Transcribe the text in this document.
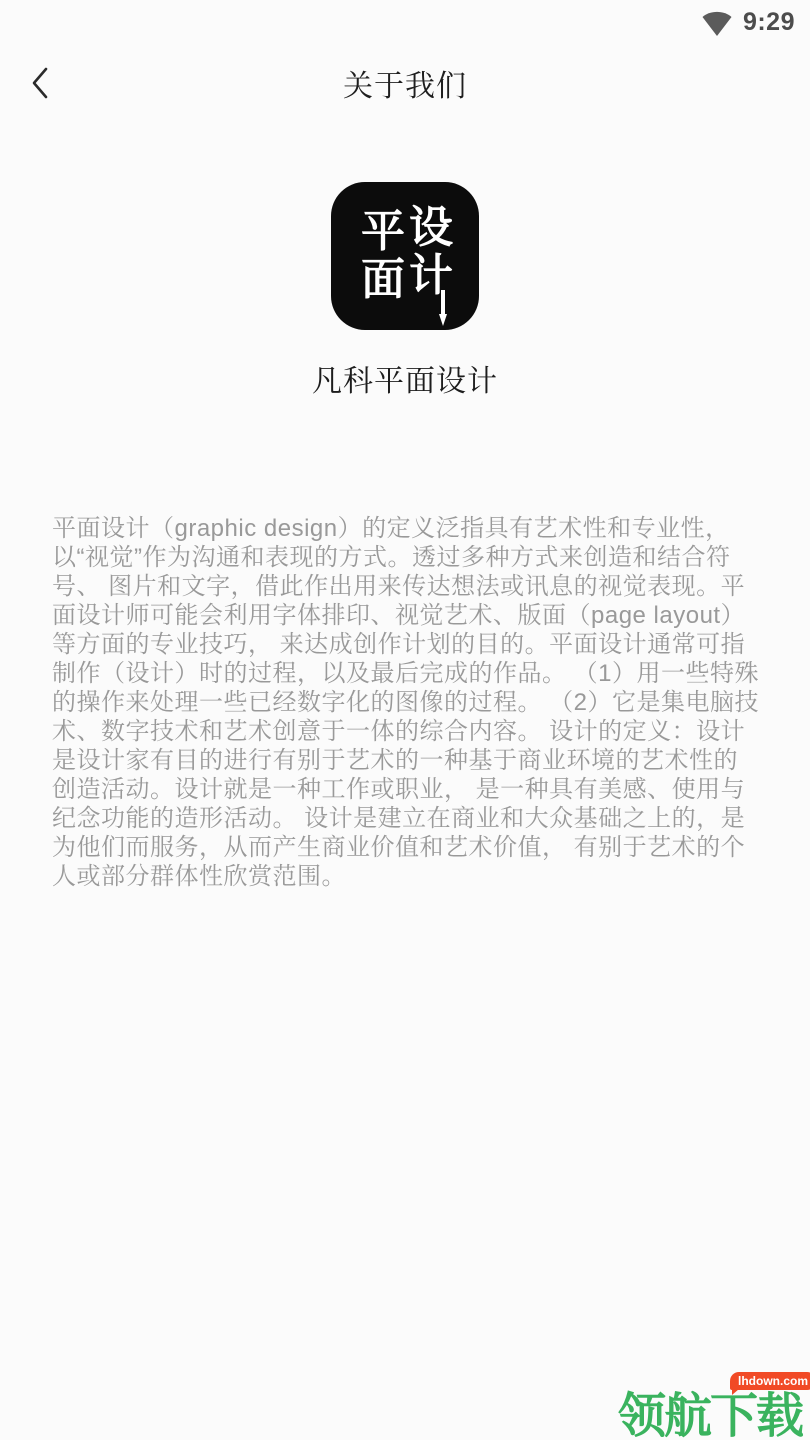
9:29
关于我们
平 设
面 计
凡科平面设计

平面设计（graphic design）的定义泛指具有艺术性和专业性，以“视觉”作为沟通和表现的方式。透过多种方式来创造和结合符号、 图片和文字，借此作出用来传达想法或讯息的视觉表现。平面设计师可能会利用字体排印、视觉艺术、版面（page layout）等方面的专业技巧， 来达成创作计划的目的。平面设计通常可指制作（设计）时的过程，以及最后完成的作品。 （1）用一些特殊的操作来处理一些已经数字化的图像的过程。 （2）它是集电脑技术、数字技术和艺术创意于一体的综合内容。 设计的定义：设计是设计家有目的进行有别于艺术的一种基于商业环境的艺术性的创造活动。设计就是一种工作或职业， 是一种具有美感、使用与纪念功能的造形活动。 设计是建立在商业和大众基础之上的，是为他们而服务，从而产生商业价值和艺术价值， 有别于艺术的个人或部分群体性欣赏范围。

lhdown.com
领航下载
